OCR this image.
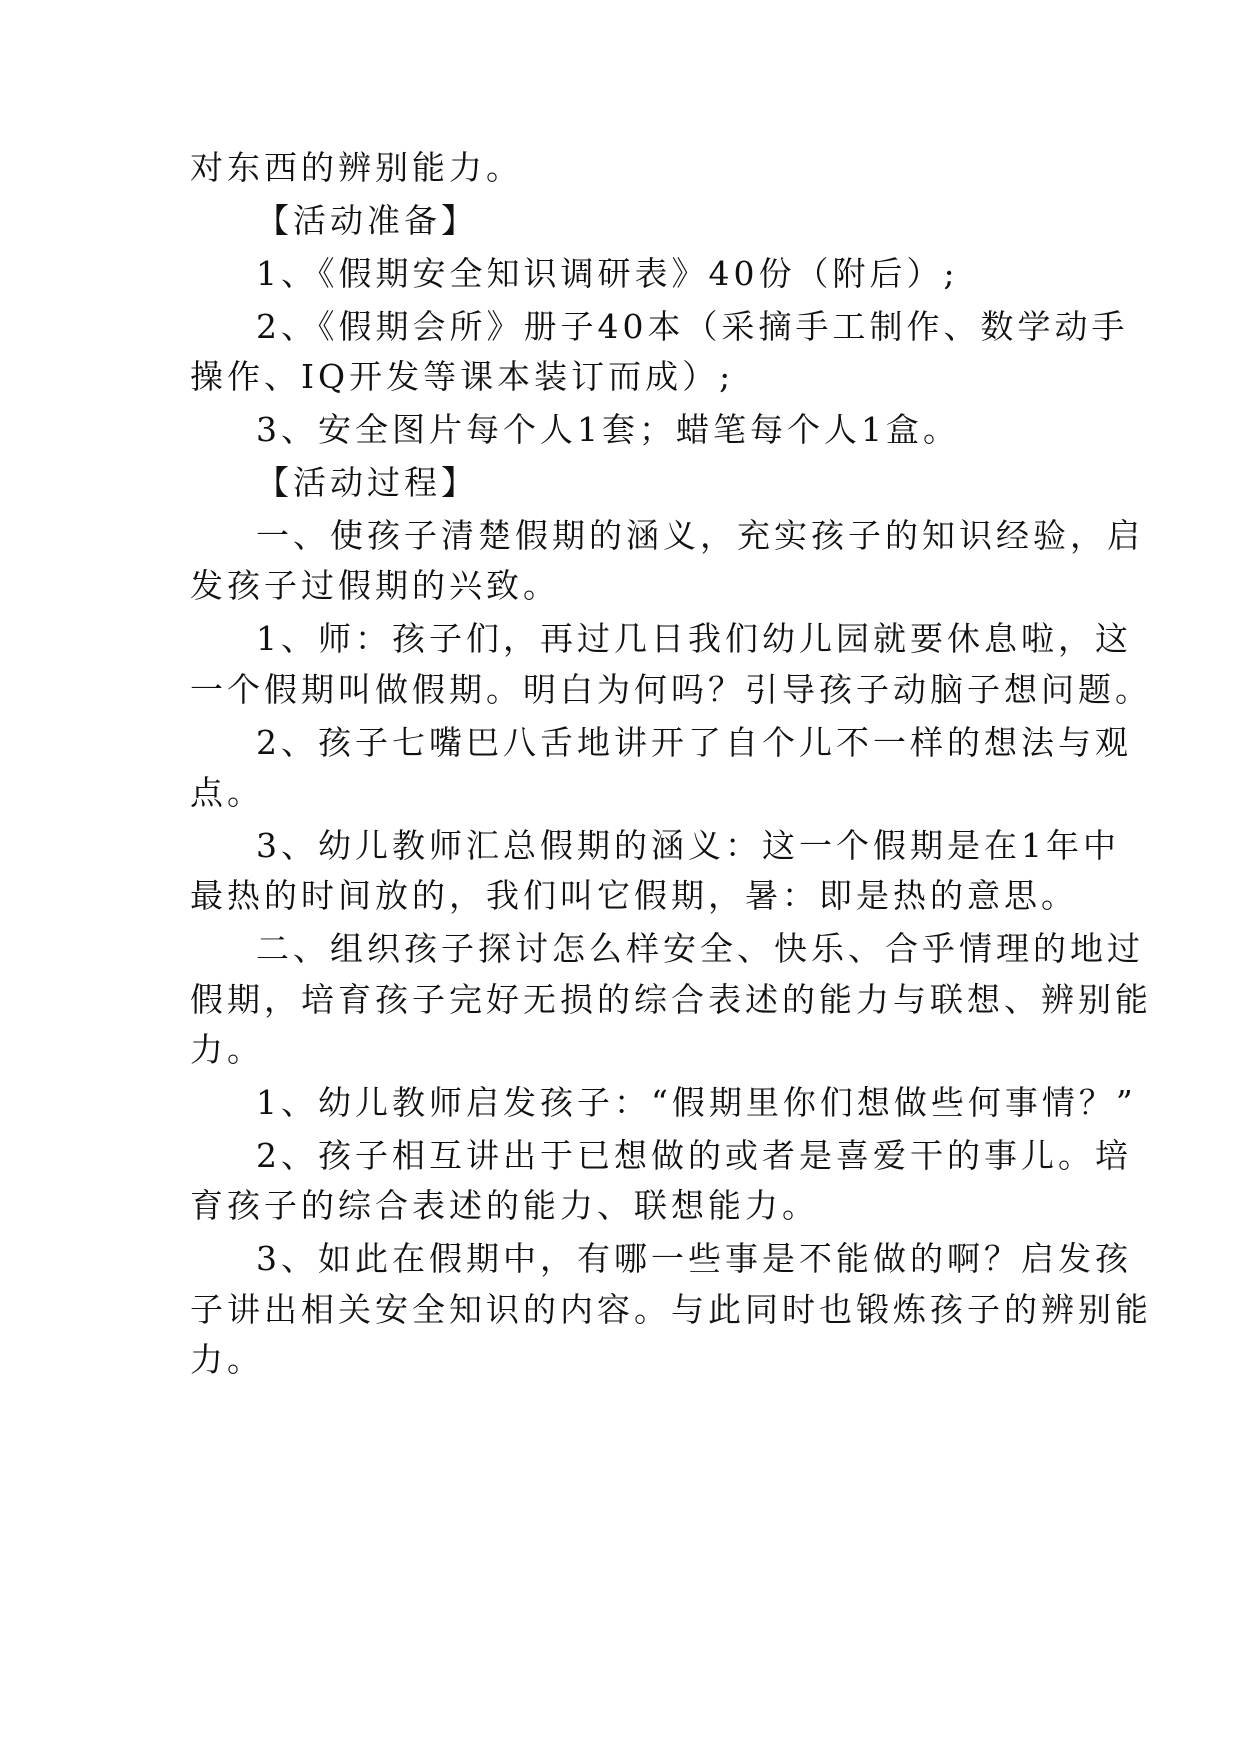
对东西的辨别能力。

【活动准备】

1、《假期安全知识调研表》40份（附后）;

2、《假期会所》册子40本（采摘手工制作、数学动手

操作、IQ开发等课本装订而成）;

3、安全图片每个人1套；蜡笔每个人1盒。

【活动过程】

一、使孩子清楚假期的涵义，充实孩子的知识经验，启

发孩子过假期的兴致。

1、师：孩子们，再过几日我们幼儿园就要休息啦，这

一个假期叫做假期。明白为何吗？引导孩子动脑子想问题。

2、孩子七嘴巴八舌地讲开了自个儿不一样的想法与观

点。

3、幼儿教师汇总假期的涵义：这一个假期是在1年中

最热的时间放的，我们叫它假期，暑：即是热的意思。

二、组织孩子探讨怎么样安全、快乐、合乎情理的地过

假期，培育孩子完好无损的综合表述的能力与联想、辨别能

力。

1、幼儿教师启发孩子：“假期里你们想做些何事情？”

2、孩子相互讲出于已想做的或者是喜爱干的事儿。培

育孩子的综合表述的能力、联想能力。

3、如此在假期中，有哪一些事是不能做的啊？启发孩

子讲出相关安全知识的内容。与此同时也锻炼孩子的辨别能

力。
